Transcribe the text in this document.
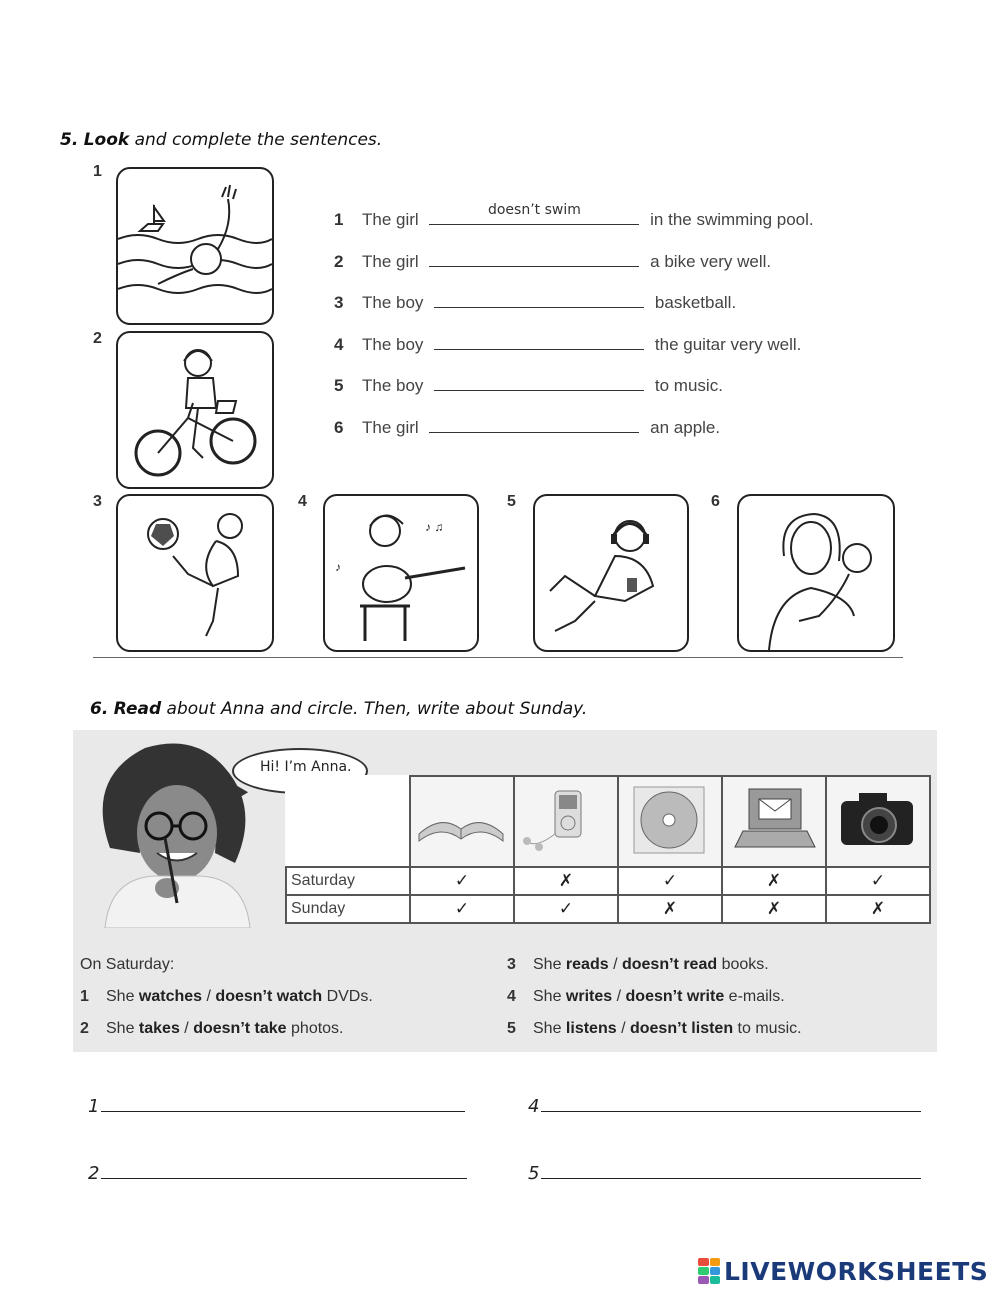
5. Look and complete the sentences.
1
2
3	4
♪ ♫
♪
5	6
1 The girl	doesn’t swim	in the swimming pool.
2 The girl	a bike very well.
3 The boy	basketball.
4 The boy	the guitar very well.
5 The boy	to music.
6 The girl	an apple.
6. Read about Anna and circle. Then, write about Sunday.
Hi! I’m Anna.

Saturday	✓	✗	✓	✗	✓
Sunday	✓	✓	✗	✗	✗
On Saturday:
1 She watches / doesn’t watch DVDs.
2 She takes / doesn’t take photos.
3 She reads / doesn’t read books.
4 She writes / doesn’t write e-mails.
5 She listens / doesn’t listen to music.
1	4
2	5
LIVEWORKSHEETS
